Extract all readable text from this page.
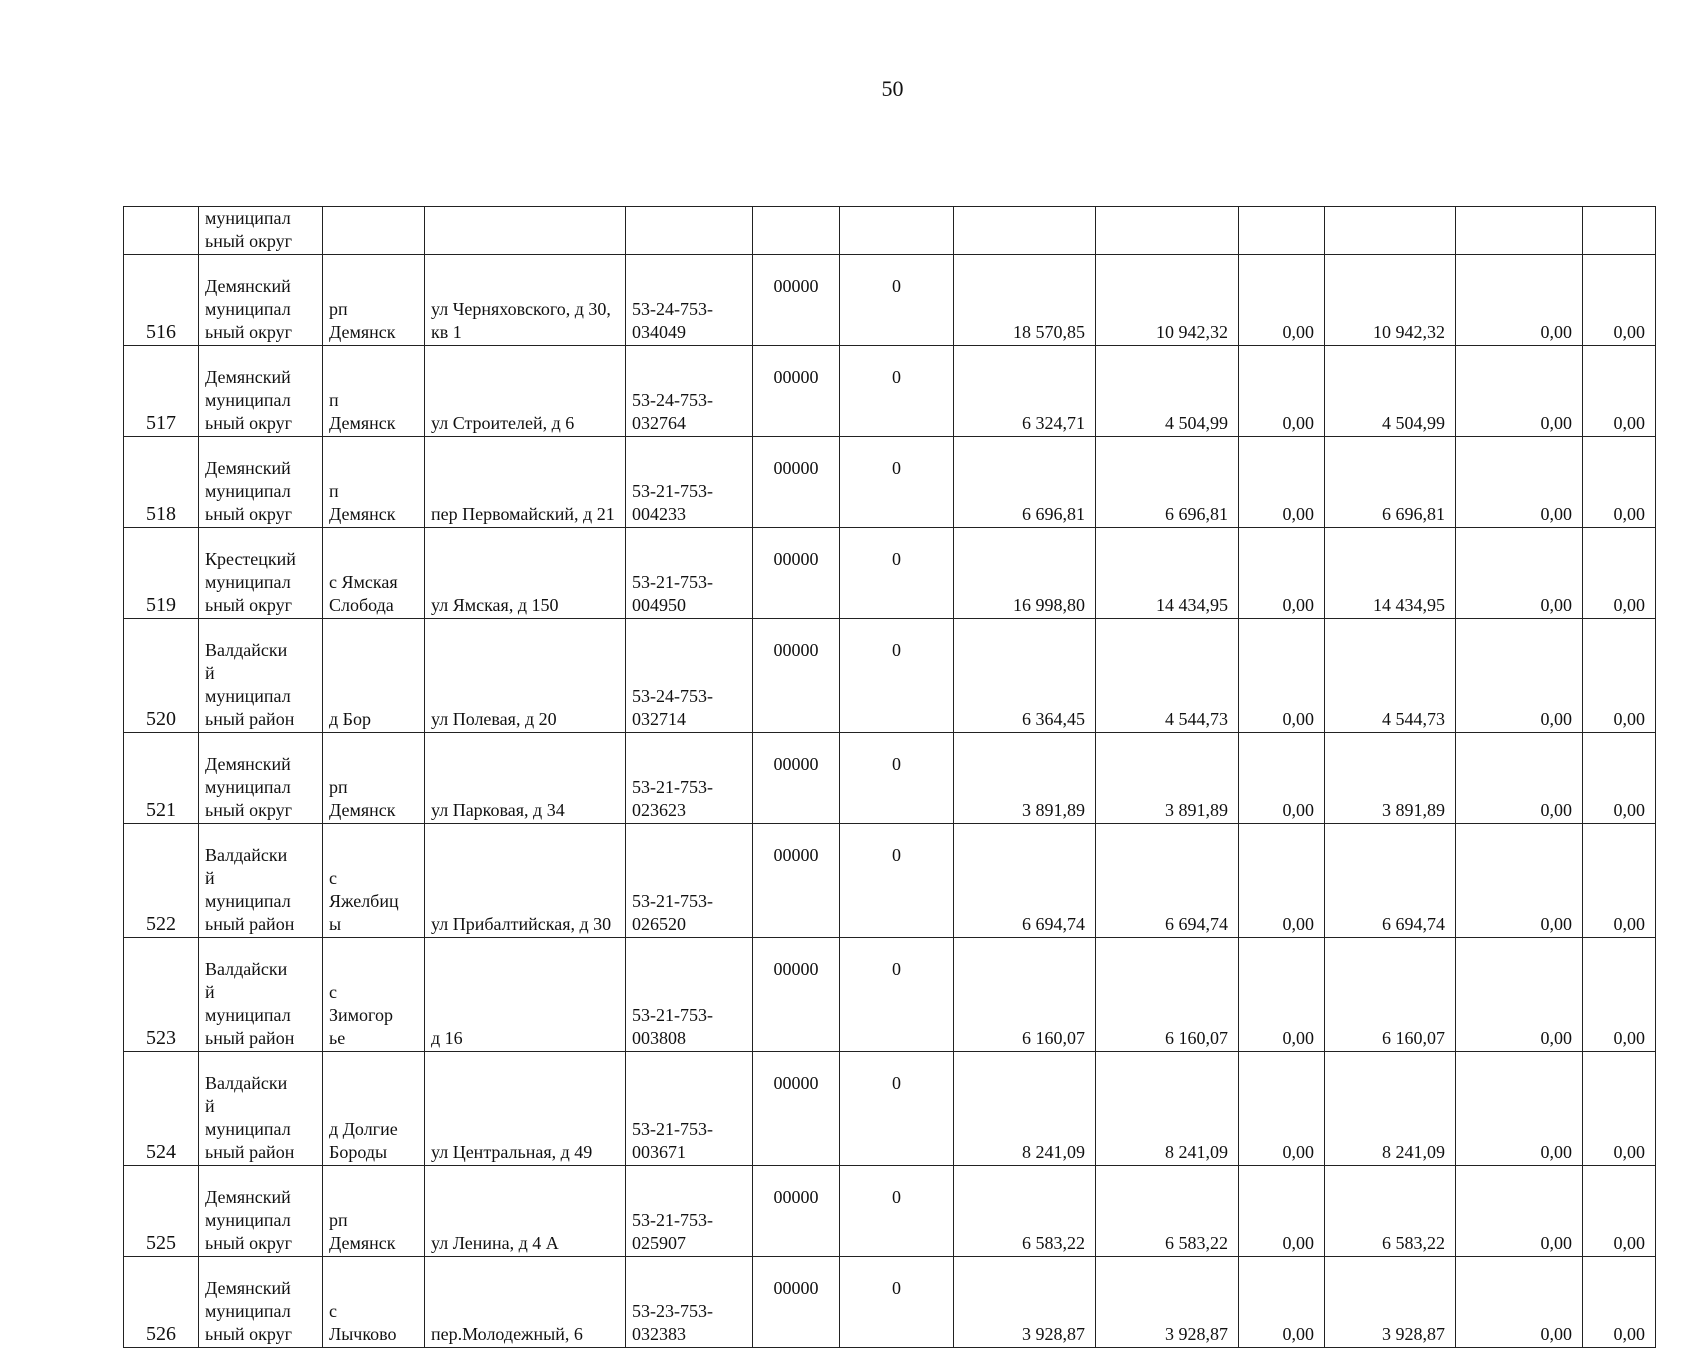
50
	муниципал
ьный округ											
516	Демянский
муниципал
ьный округ	рп
Демянск	ул Черняховского, д 30, кв 1	53-24-753-034049	00000	0	18 570,85	10 942,32	0,00	10 942,32	0,00	0,00
517	Демянский
муниципал
ьный округ	п
Демянск	ул Строителей, д 6	53-24-753-032764	00000	0	6 324,71	4 504,99	0,00	4 504,99	0,00	0,00
518	Демянский
муниципал
ьный округ	п
Демянск	пер Первомайский, д 21	53-21-753-004233	00000	0	6 696,81	6 696,81	0,00	6 696,81	0,00	0,00
519	Крестецкий
муниципал
ьный округ	с Ямская
Слобода	ул Ямская, д 150	53-21-753-004950	00000	0	16 998,80	14 434,95	0,00	14 434,95	0,00	0,00
520	Валдайски
й
муниципал
ьный район	д Бор	ул Полевая, д 20	53-24-753-032714	00000	0	6 364,45	4 544,73	0,00	4 544,73	0,00	0,00
521	Демянский
муниципал
ьный округ	рп
Демянск	ул Парковая, д 34	53-21-753-023623	00000	0	3 891,89	3 891,89	0,00	3 891,89	0,00	0,00
522	Валдайски
й
муниципал
ьный район	с
Яжелбиц
ы	ул Прибалтийская, д 30	53-21-753-026520	00000	0	6 694,74	6 694,74	0,00	6 694,74	0,00	0,00
523	Валдайски
й
муниципал
ьный район	с
Зимогор
ье	д 16	53-21-753-003808	00000	0	6 160,07	6 160,07	0,00	6 160,07	0,00	0,00
524	Валдайски
й
муниципал
ьный район	д Долгие
Бороды	ул Центральная, д 49	53-21-753-003671	00000	0	8 241,09	8 241,09	0,00	8 241,09	0,00	0,00
525	Демянский
муниципал
ьный округ	рп
Демянск	ул Ленина, д 4 А	53-21-753-025907	00000	0	6 583,22	6 583,22	0,00	6 583,22	0,00	0,00
526	Демянский
муниципал
ьный округ	с
Лычково	пер.Молодежный, 6	53-23-753-032383	00000	0	3 928,87	3 928,87	0,00	3 928,87	0,00	0,00
